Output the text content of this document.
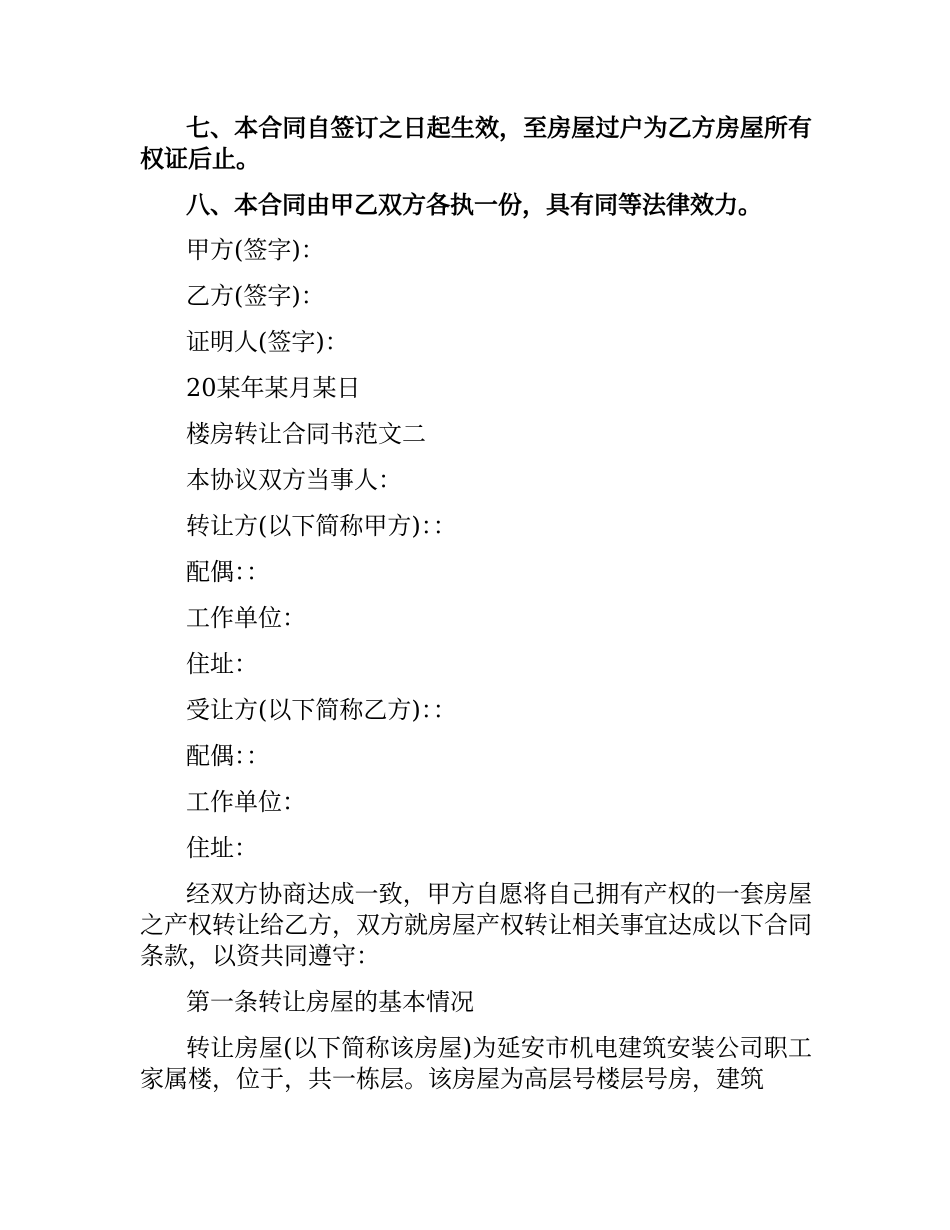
七、本合同自签订之日起生效，至房屋过户为乙方房屋所有权证后止。

八、本合同由甲乙双方各执一份，具有同等法律效力。

甲方(签字)：

乙方(签字)：

证明人(签字)：

20某年某月某日

楼房转让合同书范文二

本协议双方当事人：

转让方(以下简称甲方)：：

配偶：：

工作单位：

住址：

受让方(以下简称乙方)：：

配偶：：

工作单位：

住址：

经双方协商达成一致，甲方自愿将自己拥有产权的一套房屋之产权转让给乙方，双方就房屋产权转让相关事宜达成以下合同条款，以资共同遵守：

第一条转让房屋的基本情况

转让房屋(以下简称该房屋)为延安市机电建筑安装公司职工家属楼，位于，共一栋层。该房屋为高层号楼层号房，建筑
